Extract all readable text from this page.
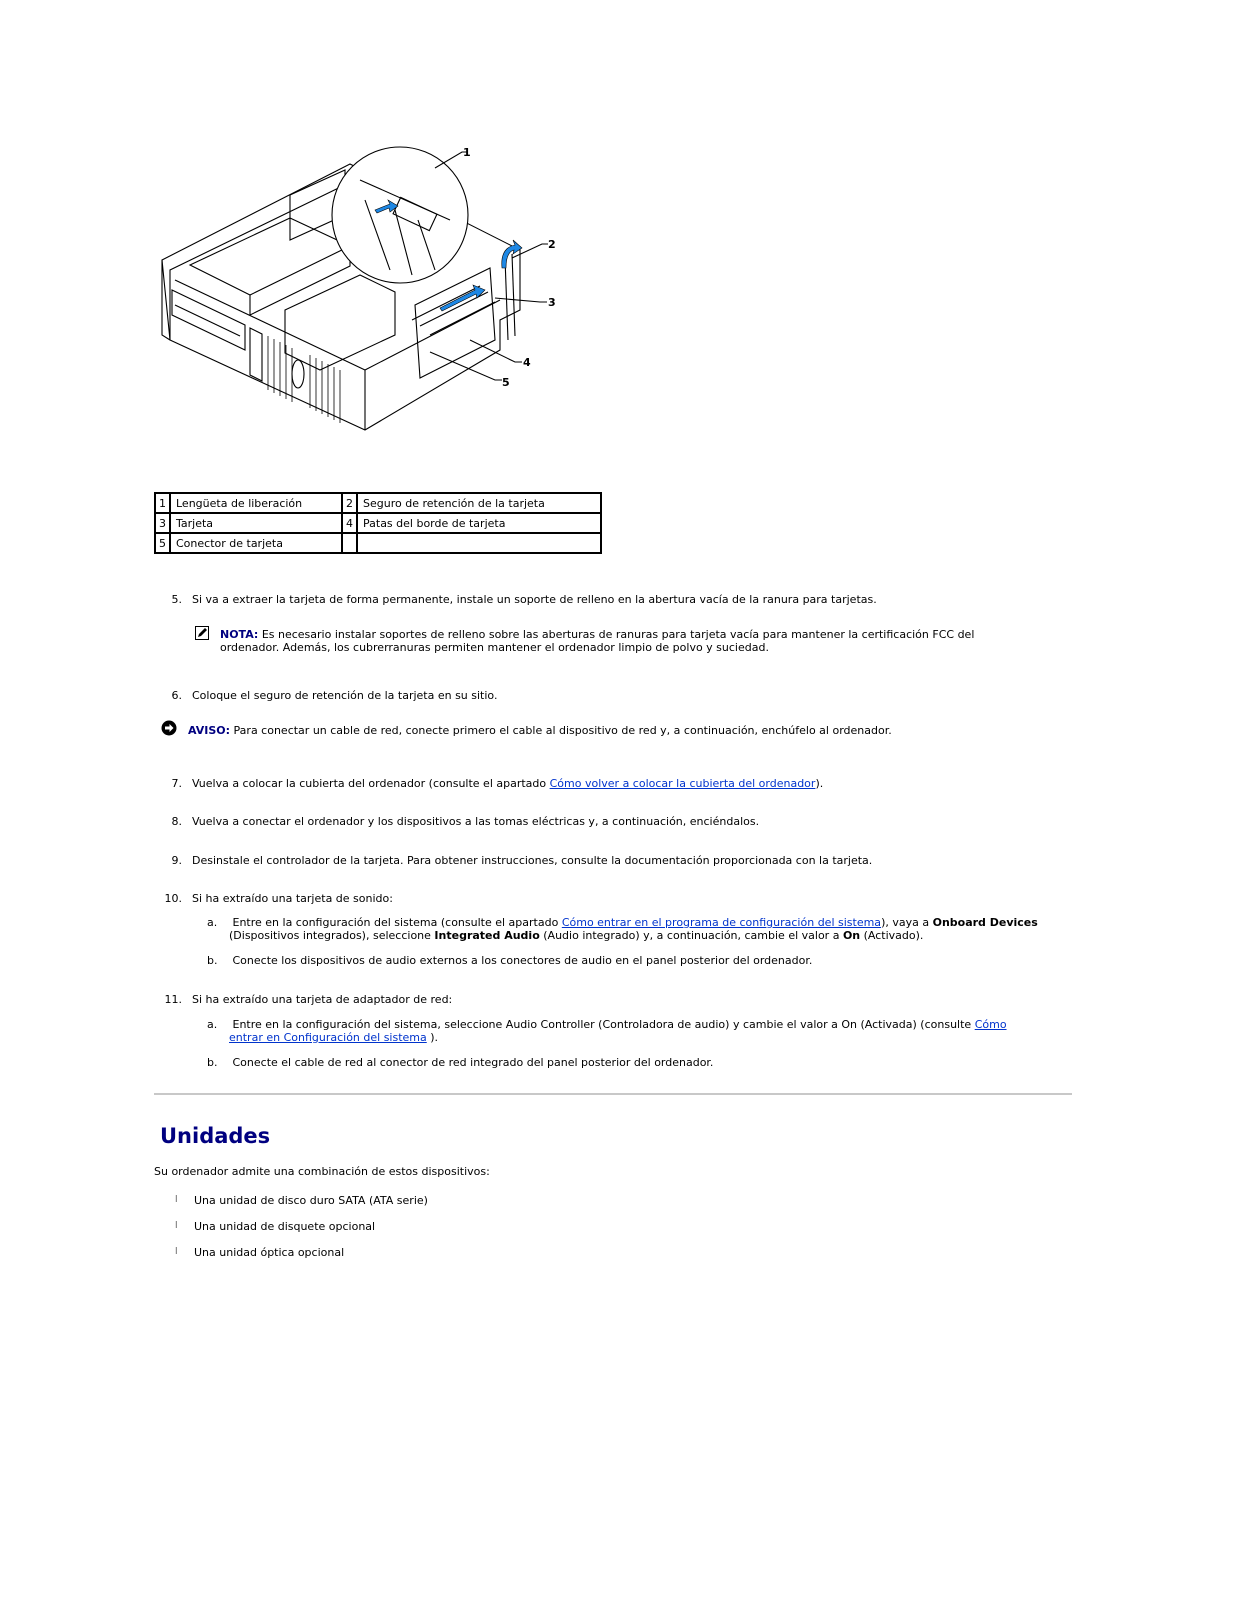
1
2
3
4
5
1	Lengüeta de liberación	2	Seguro de retención de la tarjeta
3	Tarjeta	4	Patas del borde de tarjeta
5	Conector de tarjeta		
5. Si va a extraer la tarjeta de forma permanente, instale un soporte de relleno en la abertura vacía de la ranura para tarjetas.
NOTA: Es necesario instalar soportes de relleno sobre las aberturas de ranuras para tarjeta vacía para mantener la certificación FCC del
ordenador. Además, los cubrerranuras permiten mantener el ordenador limpio de polvo y suciedad.
6. Coloque el seguro de retención de la tarjeta en su sitio.
AVISO: Para conectar un cable de red, conecte primero el cable al dispositivo de red y, a continuación, enchúfelo al ordenador.
7. Vuelva a colocar la cubierta del ordenador (consulte el apartado Cómo volver a colocar la cubierta del ordenador).
8. Vuelva a conectar el ordenador y los dispositivos a las tomas eléctricas y, a continuación, enciéndalos.
9. Desinstale el controlador de la tarjeta. Para obtener instrucciones, consulte la documentación proporcionada con la tarjeta.
10. Si ha extraído una tarjeta de sonido:
a. Entre en la configuración del sistema (consulte el apartado Cómo entrar en el programa de configuración del sistema), vaya a Onboard Devices
(Dispositivos integrados), seleccione Integrated Audio (Audio integrado) y, a continuación, cambie el valor a On (Activado).
b. Conecte los dispositivos de audio externos a los conectores de audio en el panel posterior del ordenador.
11. Si ha extraído una tarjeta de adaptador de red:
a. Entre en la configuración del sistema, seleccione Audio Controller (Controladora de audio) y cambie el valor a On (Activada) (consulte Cómo
entrar en Configuración del sistema ).
b. Conecte el cable de red al conector de red integrado del panel posterior del ordenador.
Unidades
Su ordenador admite una combinación de estos dispositivos:
l Una unidad de disco duro SATA (ATA serie)
l Una unidad de disquete opcional
l Una unidad óptica opcional
